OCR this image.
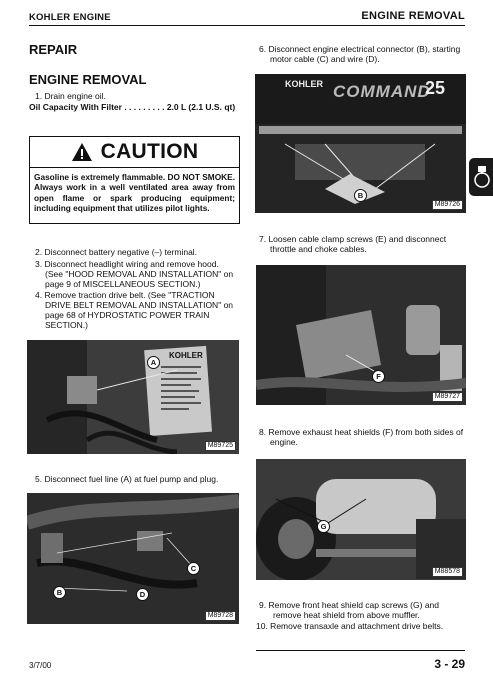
KOHLER ENGINE	ENGINE REMOVAL
REPAIR
ENGINE REMOVAL
1. Drain engine oil.
Oil Capacity With Filter . . . . . . . . . 2.0 L (2.1 U.S. qt)
CAUTION
Gasoline is extremely flammable. DO NOT SMOKE. Always work in a well ventilated area away from open flame or spark producing equipment; including equipment that utilizes pilot lights.
2. Disconnect battery negative (–) terminal.
3. Disconnect headlight wiring and remove hood.
(See "HOOD REMOVAL AND INSTALLATION" on
page 9 of MISCELLANEOUS SECTION.)
4. Remove traction drive belt. (See "TRACTION
DRIVE BELT REMOVAL AND INSTALLATION" on
page 68 of HYDROSTATIC POWER TRAIN
SECTION.)
KOHLER
A
M89725
5. Disconnect fuel line (A) at fuel pump and plug.
C
B	D
M89728
6. Disconnect engine electrical connector (B), starting
motor cable (C) and wire (D).
KOHLER COMMAND
25
B
M89726
7. Loosen cable clamp screws (E) and disconnect
throttle and choke cables.
F
M89727
8. Remove exhaust heat shields (F) from both sides of
engine.
G
M88578
9. Remove front heat shield cap screws (G) and
remove heat shield from above muffler.
10. Remove transaxle and attachment drive belts.
3/7/00	3 - 29
